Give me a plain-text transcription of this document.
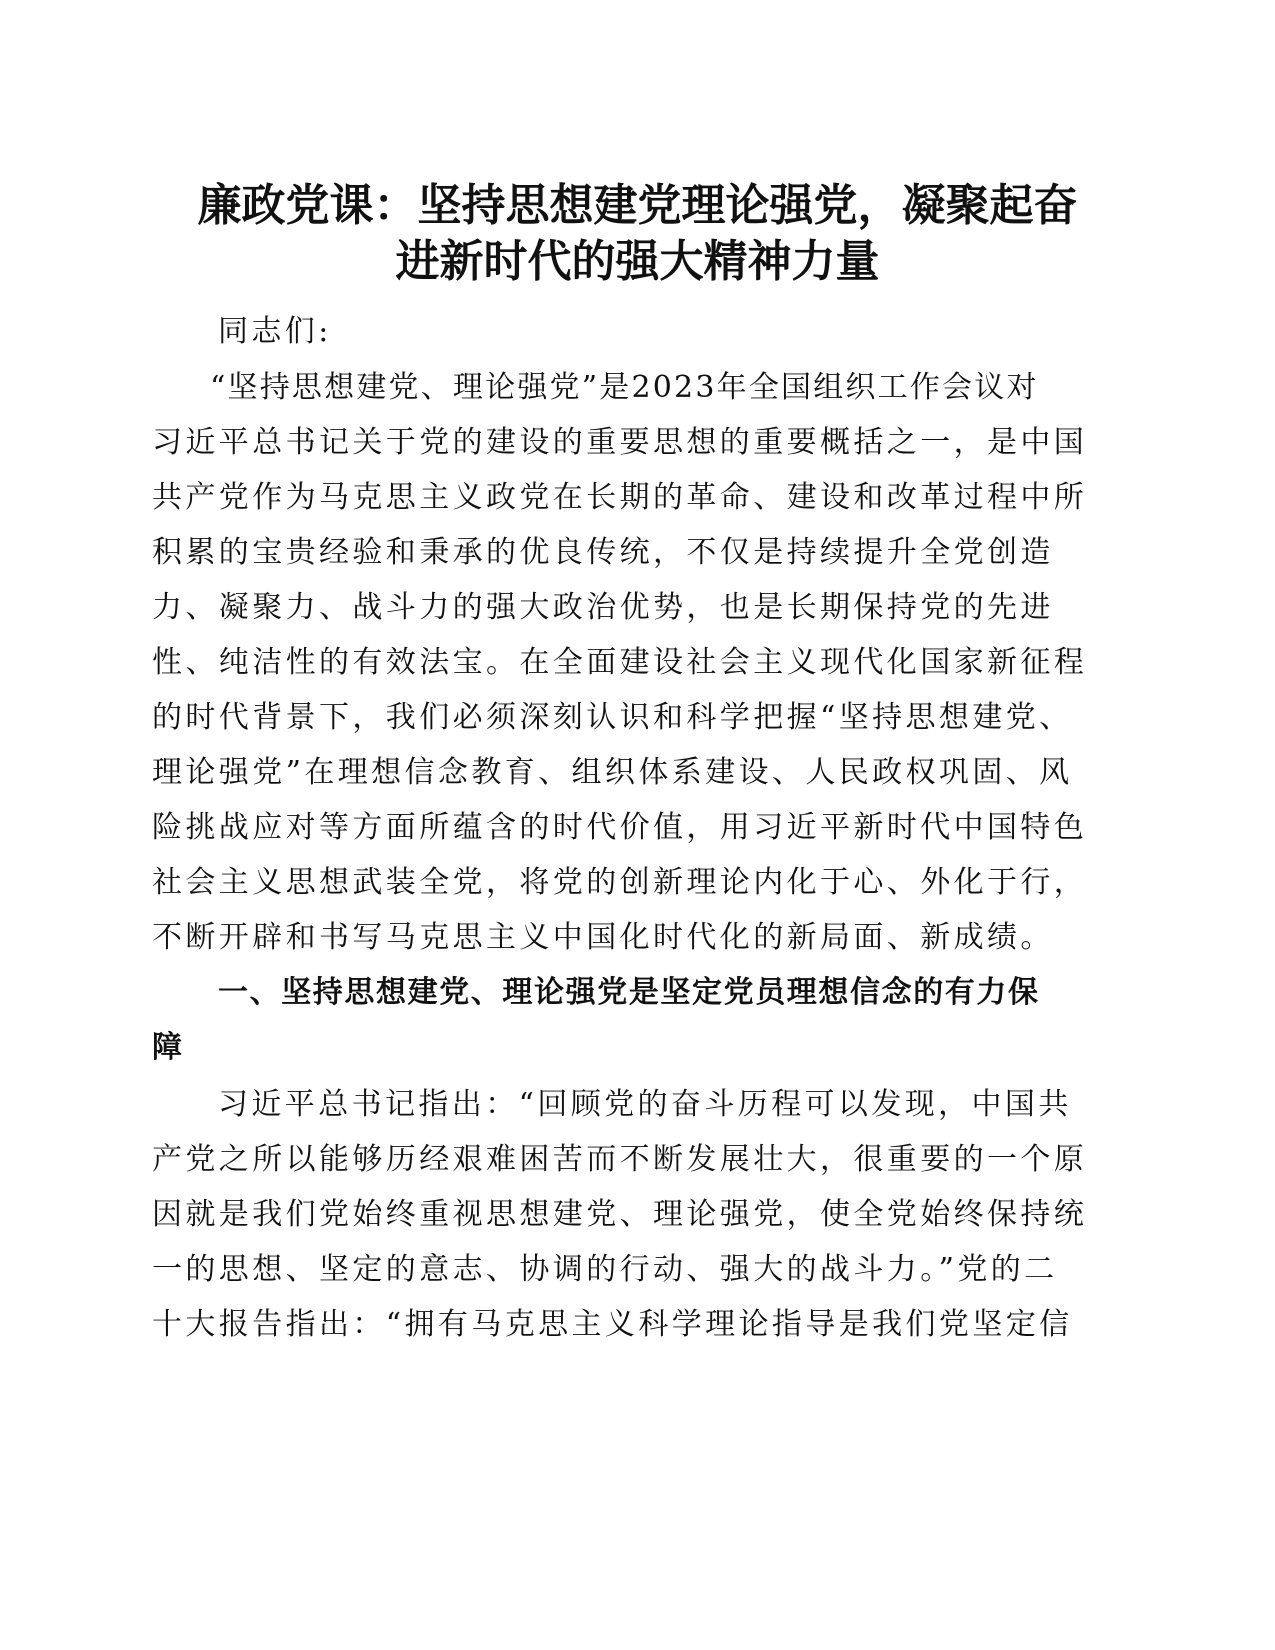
廉政党课：坚持思想建党理论强党，凝聚起奋
进新时代的强大精神力量
同志们:
“坚持思想建党、理论强党”是2023年全国组织工作会议对
习近平总书记关于党的建设的重要思想的重要概括之一，是中国
共产党作为马克思主义政党在长期的革命、建设和改革过程中所
积累的宝贵经验和秉承的优良传统，不仅是持续提升全党创造
力、凝聚力、战斗力的强大政治优势，也是长期保持党的先进
性、纯洁性的有效法宝。在全面建设社会主义现代化国家新征程
的时代背景下，我们必须深刻认识和科学把握“坚持思想建党、
理论强党”在理想信念教育、组织体系建设、人民政权巩固、风
险挑战应对等方面所蕴含的时代价值，用习近平新时代中国特色
社会主义思想武装全党，将党的创新理论内化于心、外化于行，
不断开辟和书写马克思主义中国化时代化的新局面、新成绩。
一、坚持思想建党、理论强党是坚定党员理想信念的有力保
障
习近平总书记指出：“回顾党的奋斗历程可以发现，中国共
产党之所以能够历经艰难困苦而不断发展壮大，很重要的一个原
因就是我们党始终重视思想建党、理论强党，使全党始终保持统
一的思想、坚定的意志、协调的行动、强大的战斗力。”党的二
十大报告指出：“拥有马克思主义科学理论指导是我们党坚定信
